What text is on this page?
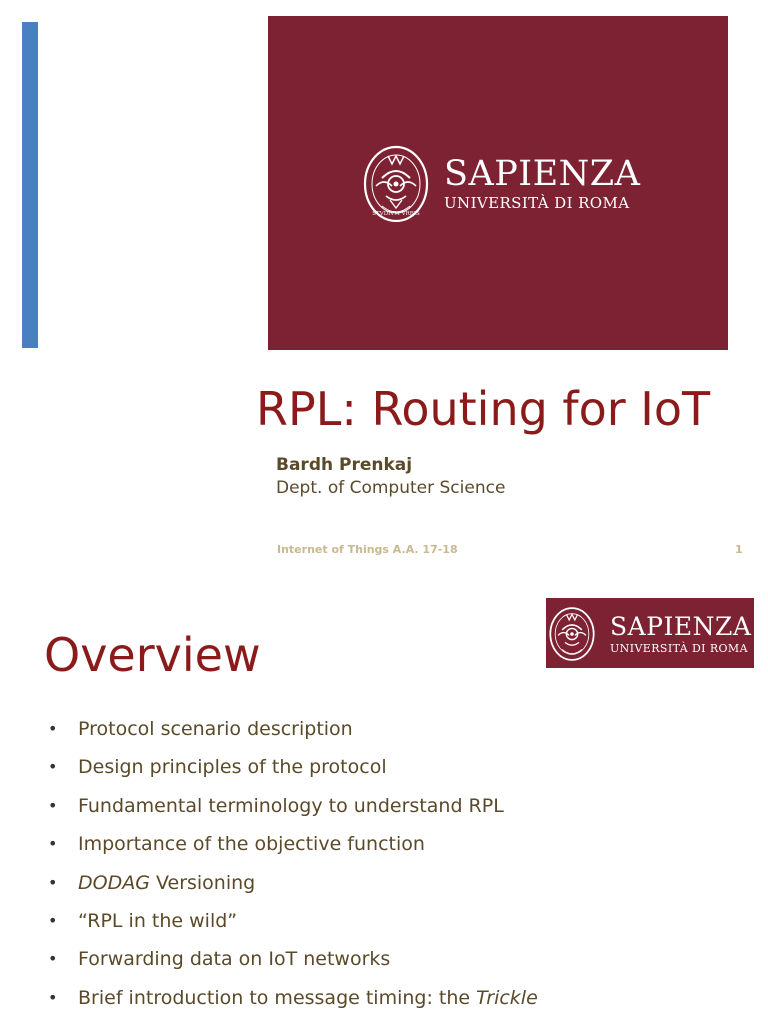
STVDIVM VRBIS
SAPIENZA
UNIVERSITÀ DI ROMA
RPL: Routing for IoT
Bardh Prenkaj
Dept. of Computer Science
Internet of Things A.A. 17-18	1
SAPIENZA
UNIVERSITÀ DI ROMA
Overview
• Protocol scenario description
• Design principles of the protocol
• Fundamental terminology to understand RPL
• Importance of the objective function
• DODAG Versioning
• “RPL in the wild”
• Forwarding data on IoT networks
• Brief introduction to message timing: the Trickle
